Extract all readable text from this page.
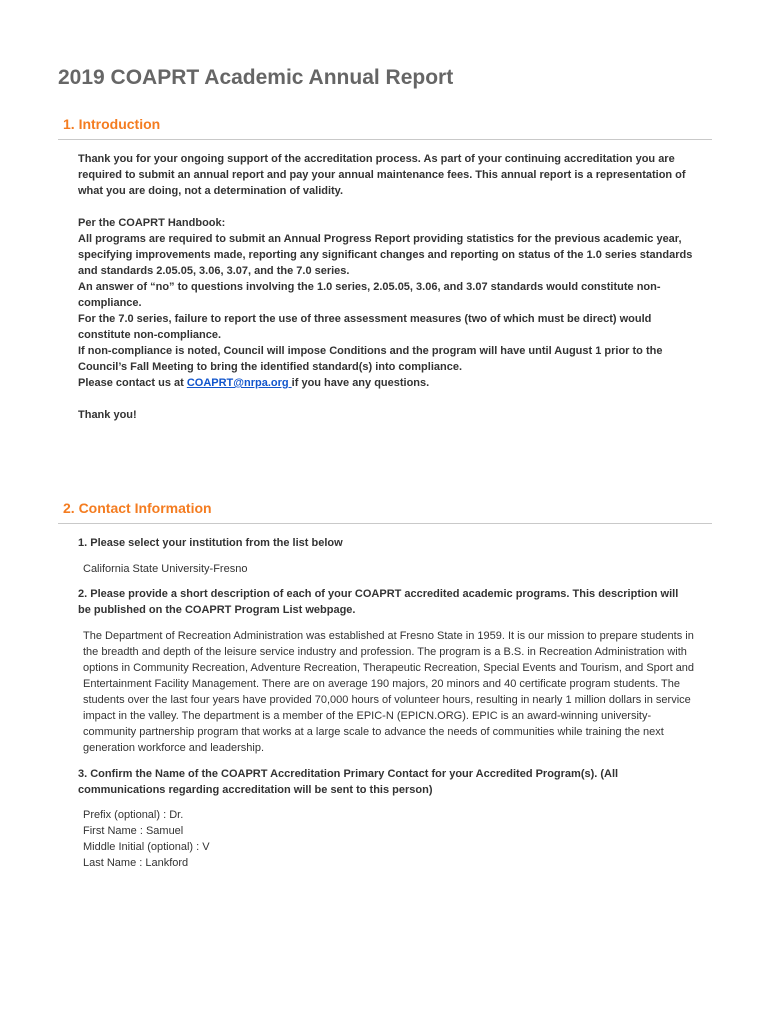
2019 COAPRT Academic Annual Report
1. Introduction

Thank you for your ongoing support of the accreditation process. As part of your continuing accreditation you are required to submit an annual report and pay your annual maintenance fees. This annual report is a representation of what you are doing, not a determination of validity.

Per the COAPRT Handbook:

All programs are required to submit an Annual Progress Report providing statistics for the previous academic year, specifying improvements made, reporting any significant changes and reporting on status of the 1.0 series standards and standards 2.05.05, 3.06, 3.07, and the 7.0 series.

An answer of “no” to questions involving the 1.0 series, 2.05.05, 3.06, and 3.07 standards would constitute non-compliance.

For the 7.0 series, failure to report the use of three assessment measures (two of which must be direct) would constitute non-compliance.

If non-compliance is noted, Council will impose Conditions and the program will have until August 1 prior to the Council’s Fall Meeting to bring the identified standard(s) into compliance.

Please contact us at COAPRT@nrpa.org if you have any questions.

Thank you!

2. Contact Information

1. Please select your institution from the list below

California State University-Fresno

2. Please provide a short description of each of your COAPRT accredited academic programs. This description will be published on the COAPRT Program List webpage.

The Department of Recreation Administration was established at Fresno State in 1959. It is our mission to prepare students in the breadth and depth of the leisure service industry and profession. The program is a B.S. in Recreation Administration with options in Community Recreation, Adventure Recreation, Therapeutic Recreation, Special Events and Tourism, and Sport and Entertainment Facility Management. There are on average 190 majors, 20 minors and 40 certificate program students. The students over the last four years have provided 70,000 hours of volunteer hours, resulting in nearly 1 million dollars in service impact in the valley. The department is a member of the EPIC-N (EPICN.ORG). EPIC is an award-winning university-community partnership program that works at a large scale to advance the needs of communities while training the next generation workforce and leadership.

3. Confirm the Name of the COAPRT Accreditation Primary Contact for your Accredited Program(s). (All communications regarding accreditation will be sent to this person)

Prefix (optional) : Dr.
First Name : Samuel
Middle Initial (optional) : V
Last Name : Lankford
